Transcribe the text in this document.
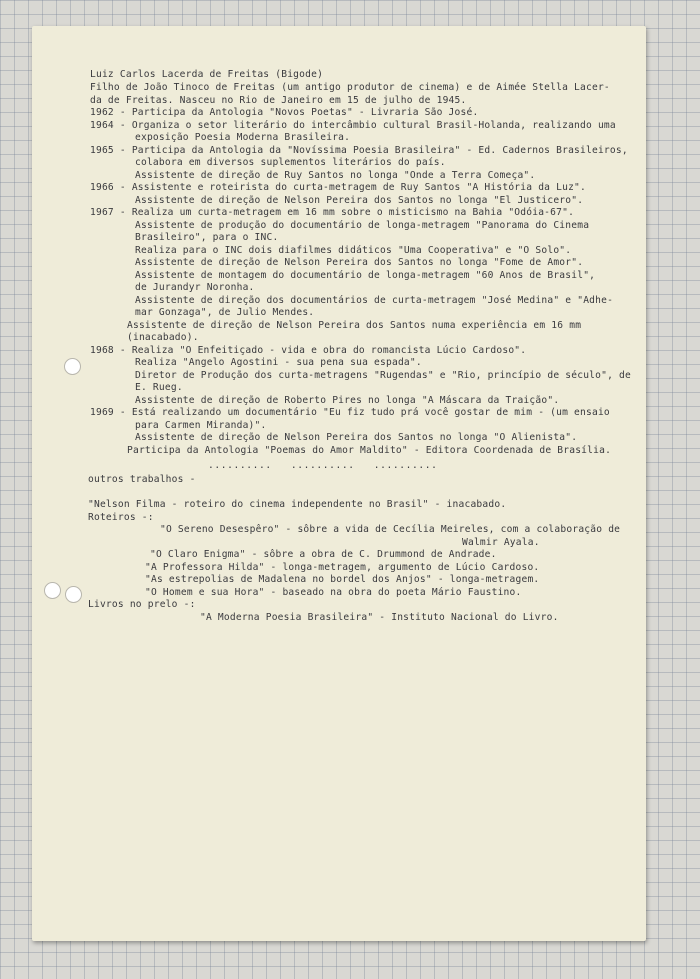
Luiz Carlos Lacerda de Freitas (Bigode)

Filho de João Tinoco de Freitas (um antigo produtor de cinema) e de Aimée Stella Lacer-

da de Freitas. Nasceu no Rio de Janeiro em 15 de julho de 1945.

1962 - Participa da Antologia "Novos Poetas" - Livraria São José.

1964 - Organiza o setor literário do intercâmbio cultural Brasil-Holanda, realizando uma

exposição Poesia Moderna Brasileira.

1965 - Participa da Antologia da "Novíssima Poesia Brasileira" - Ed. Cadernos Brasileiros,

colabora em diversos suplementos literários do país.

Assistente de direção de Ruy Santos no longa "Onde a Terra Começa".

1966 - Assistente e roteirista do curta-metragem de Ruy Santos "A História da Luz".

Assistente de direção de Nelson Pereira dos Santos no longa "El Justicero".

1967 - Realiza um curta-metragem em 16 mm sobre o misticismo na Bahia "Odóia-67".

Assistente de produção do documentário de longa-metragem "Panorama do Cinema

Brasileiro", para o INC.

Realiza para o INC dois diafilmes didáticos "Uma Cooperativa" e "O Solo".

Assistente de direção de Nelson Pereira dos Santos no longa "Fome de Amor".

Assistente de montagem do documentário de longa-metragem "60 Anos de Brasil",

de Jurandyr Noronha.

Assistente de direção dos documentários de curta-metragem "José Medina" e "Adhe-

mar Gonzaga", de Julio Mendes.

Assistente de direção de Nelson Pereira dos Santos numa experiência em 16 mm

(inacabado).

1968 - Realiza "O Enfeitiçado - vida e obra do romancista Lúcio Cardoso".

Realiza "Angelo Agostini - sua pena sua espada".

Diretor de Produção dos curta-metragens "Rugendas" e "Rio, princípio de século", de

E. Rueg.

Assistente de direção de Roberto Pires no longa "A Máscara da Traição".

1969 - Está realizando um documentário "Eu fiz tudo prá você gostar de mim - (um ensaio

para Carmen Miranda)".

Assistente de direção de Nelson Pereira dos Santos no longa "O Alienista".

Participa da Antologia "Poemas do Amor Maldito" - Editora Coordenada de Brasília.

..........   ..........   ..........

outros trabalhos -

"Nelson Filma - roteiro do cinema independente no Brasil" - inacabado.

Roteiros -:

"O Sereno Desespêro" - sôbre a vida de Cecília Meireles, com a colaboração de

Walmir Ayala.

"O Claro Enigma" - sôbre a obra de C. Drummond de Andrade.

"A Professora Hilda" - longa-metragem, argumento de Lúcio Cardoso.

"As estrepolias de Madalena no bordel dos Anjos" - longa-metragem.

"O Homem e sua Hora" - baseado na obra do poeta Mário Faustino.

Livros no prelo -:

"A Moderna Poesia Brasileira" - Instituto Nacional do Livro.
